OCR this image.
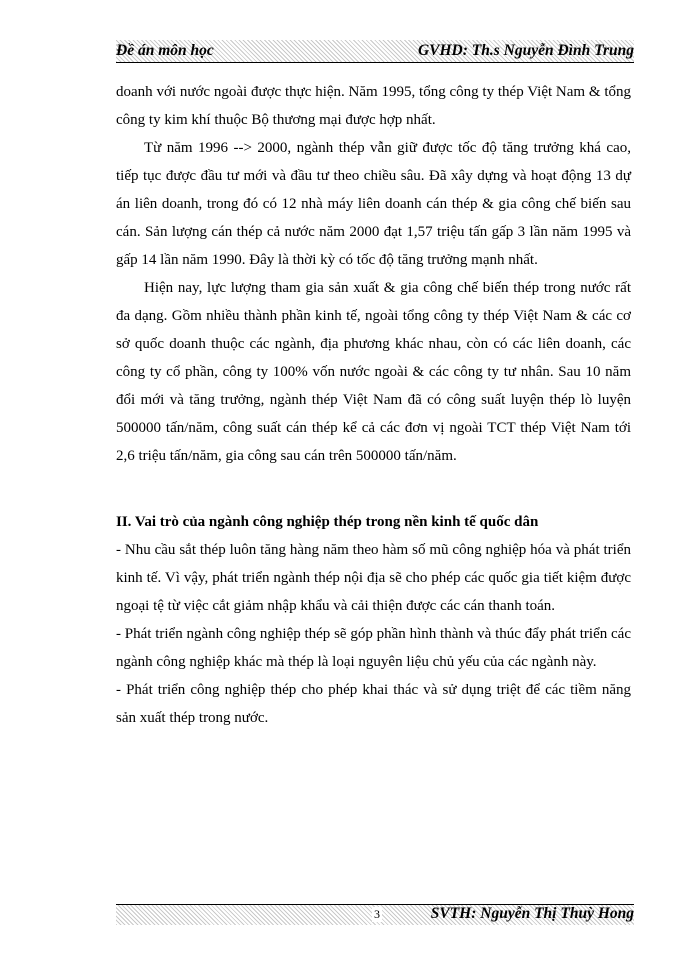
Đề án môn học	GVHD: Th.s Nguyễn Đình Trung

doanh với nước ngoài được thực hiện. Năm 1995, tổng công ty thép Việt Nam & tổng công ty kim khí thuộc Bộ thương mại được hợp nhất.

Từ năm 1996 --> 2000, ngành thép vẫn giữ được tốc độ tăng trưởng khá cao, tiếp tục được đầu tư mới và đầu tư theo chiều sâu. Đã xây dựng và hoạt động 13 dự án liên doanh, trong đó có 12 nhà máy liên doanh cán thép & gia công chế biến sau cán. Sản lượng cán thép cả nước năm 2000 đạt 1,57 triệu tấn gấp 3 lần năm 1995 và gấp 14 lần năm 1990. Đây là thời kỳ có tốc độ tăng trưởng mạnh nhất.

Hiện nay, lực lượng tham gia sản xuất & gia công chế biến thép trong nước rất đa dạng. Gồm nhiều thành phần kinh tế, ngoài tổng công ty thép Việt Nam & các cơ sở quốc doanh thuộc các ngành, địa phương khác nhau, còn có các liên doanh, các công ty cổ phần, công ty 100% vốn nước ngoài & các công ty tư nhân. Sau 10 năm đổi mới và tăng trưởng, ngành thép Việt Nam đã có công suất luyện thép lò luyện 500000 tấn/năm, công suất cán thép kể cả các đơn vị ngoài TCT thép Việt Nam tới 2,6 triệu tấn/năm, gia công sau cán trên 500000 tấn/năm.

II. Vai trò của ngành công nghiệp thép trong nền kinh tế quốc dân

- Nhu cầu sắt thép luôn tăng hàng năm theo hàm số mũ công nghiệp hóa và phát triển kinh tế. Vì vậy, phát triển ngành thép nội địa sẽ cho phép các quốc gia tiết kiệm được ngoại tệ từ việc cắt giảm nhập khẩu và cải thiện được các cán thanh toán.

- Phát triển ngành công nghiệp thép sẽ góp phần hình thành và thúc đẩy phát triển các ngành công nghiệp khác mà thép là loại nguyên liệu chủ yếu của các ngành này.

- Phát triển công nghiệp thép cho phép khai thác và sử dụng triệt để các tiềm năng sản xuất thép trong nước.

3	SVTH: Nguyễn Thị Thuỳ Hong
